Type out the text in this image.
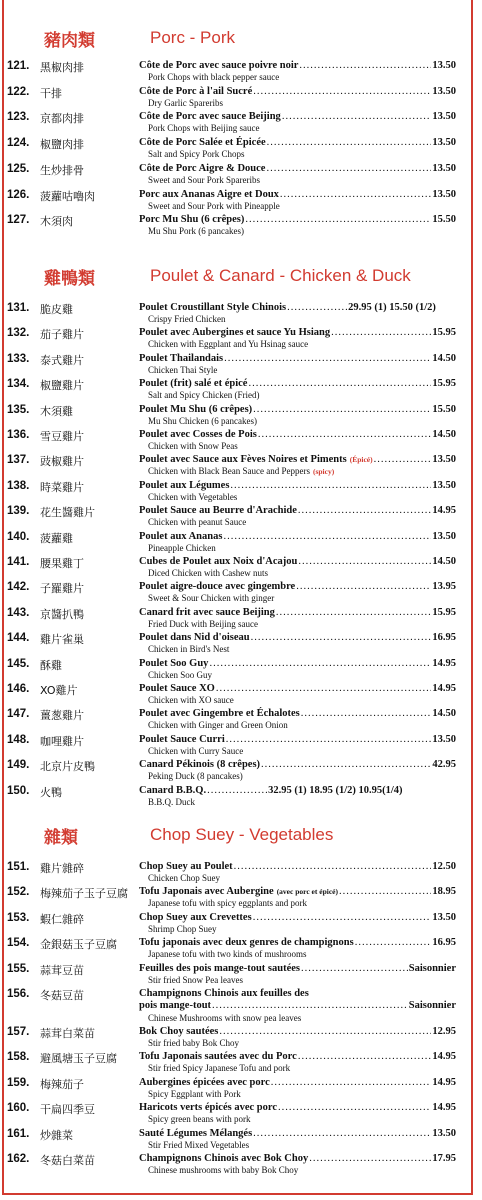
豬肉類	Porc - Pork
121. 黑椒肉排	Côte de Porc avec sauce poivre noir .....	13.50
Pork Chops with black pepper sauce
122. 干排	Côte de Porc à l'ail Sucré .....	13.50
Dry Garlic Spareribs
123. 京都肉排	Côte de Porc avec sauce Beijing .....	13.50
Pork Chops with Beijing sauce
124. 椒鹽肉排	Côte de Porc Salée et Épicée .....	13.50
Salt and Spicy Pork Chops
125. 生炒排骨	Côte de Porc Aigre & Douce .....	13.50
Sweet and Sour Pork Spareribs
126. 菠蘿咕嚕肉	Porc aux Ananas Aigre et Doux .....	13.50
Sweet and Sour Pork with Pineapple
127. 木須肉	Porc Mu Shu (6 crêpes) .....	15.50
Mu Shu Pork (6 pancakes)
雞鴨類	Poulet & Canard - Chicken & Duck
131. 脆皮雞	Poulet Croustillant Style Chinois .....	29.95 (1) 15.50 (1/2)
Crispy Fried Chicken
132. 茄子雞片	Poulet avec Aubergines et sauce Yu Hsiang .....	15.95
Chicken with Eggplant and Yu Hsinag sauce
133. 泰式雞片	Poulet Thailandais .....	14.50
Chicken Thai Style
134. 椒鹽雞片	Poulet (frit) salé et épicé .....	15.95
Salt and Spicy Chicken (Fried)
135. 木須雞	Poulet Mu Shu (6 crêpes) .....	15.50
Mu Shu Chicken (6 pancakes)
136. 雪豆雞片	Poulet avec Cosses de Pois .....	14.50
Chicken with Snow Peas
137. 豉椒雞片	Poulet avec Sauce aux Fèves Noires et Piments (Épicé) .....	13.50
Chicken with Black Bean Sauce and Peppers (spicy)
138. 時菜雞片	Poulet aux Légumes .....	13.50
Chicken with Vegetables
139. 花生醬雞片	Poulet Sauce au Beurre d'Arachide .....	14.95
Chicken with peanut Sauce
140. 菠蘿雞	Poulet aux Ananas .....	13.50
Pineapple Chicken
141. 腰果雞丁	Cubes de Poulet aux Noix d'Acajou .....	14.50
Diced Chicken with Cashew nuts
142. 子羅雞片	Poulet aigre-douce avec gingembre .....	13.95
Sweet & Sour Chicken with ginger
143. 京醬扒鴨	Canard frit avec sauce Beijing .....	15.95
Fried Duck with Beijing sauce
144. 雞片雀巢	Poulet dans Nid d'oiseau .....	16.95
Chicken in Bird's Nest
145. 酥雞	Poulet Soo Guy .....	14.95
Chicken Soo Guy
146. XO雞片	Poulet Sauce XO .....	14.95
Chicken with XO sauce
147. 薑葱雞片	Poulet avec Gingembre et Échalotes .....	14.50
Chicken with Ginger and Green Onion
148. 咖哩雞片	Poulet Sauce Curri .....	13.50
Chicken with Curry Sauce
149. 北京片皮鴨	Canard Pékinois (8 crêpes) .....	42.95
Peking Duck (8 pancakes)
150. 火鴨	Canard B.B.Q. .....	32.95 (1) 18.95 (1/2) 10.95(1/4)
B.B.Q. Duck
雜類	Chop Suey - Vegetables
151. 雞片雜碎	Chop Suey au Poulet .....	12.50
Chicken Chop Suey
152. 梅辣茄子玉子豆腐 Tofu Japonais avec Aubergine (avec porc et épicé) .....	18.95
Japanese tofu with spicy eggplants and pork
153. 蝦仁雜碎	Chop Suey aux Crevettes .....	13.50
Shrimp Chop Suey
154. 金銀菇玉子豆腐 Tofu japonais avec deux genres de champignons .....	16.95
Japanese tofu with two kinds of mushrooms
155. 蒜茸豆苗	Feuilles des pois mange-tout sautées .....	Saisonnier
Stir fried Snow Pea leaves
156. 冬菇豆苗	Champignons Chinois aux feuilles des
pois mange-tout .....	Saisonnier
Chinese Mushrooms with snow pea leaves
157. 蒜茸白菜苗	Bok Choy sautées .....	12.95
Stir fried baby Bok Choy
158. 避風塘玉子豆腐 Tofu Japonais sautées avec du Porc .....	14.95
Stir fried Spicy Japanese Tofu and pork
159. 梅辣茄子	Aubergines épicées avec porc .....	14.95
Spicy Eggplant with Pork
160. 干扁四季豆	Haricots verts épicés avec porc .....	14.95
Spicy green beans with pork
161. 炒雜菜	Sauté Légumes Mélangés .....	13.50
Stir Fried Mixed Vegetables
162. 冬菇白菜苗	Champignons Chinois avec Bok Choy .....	17.95
Chinese mushrooms with baby Bok Choy
